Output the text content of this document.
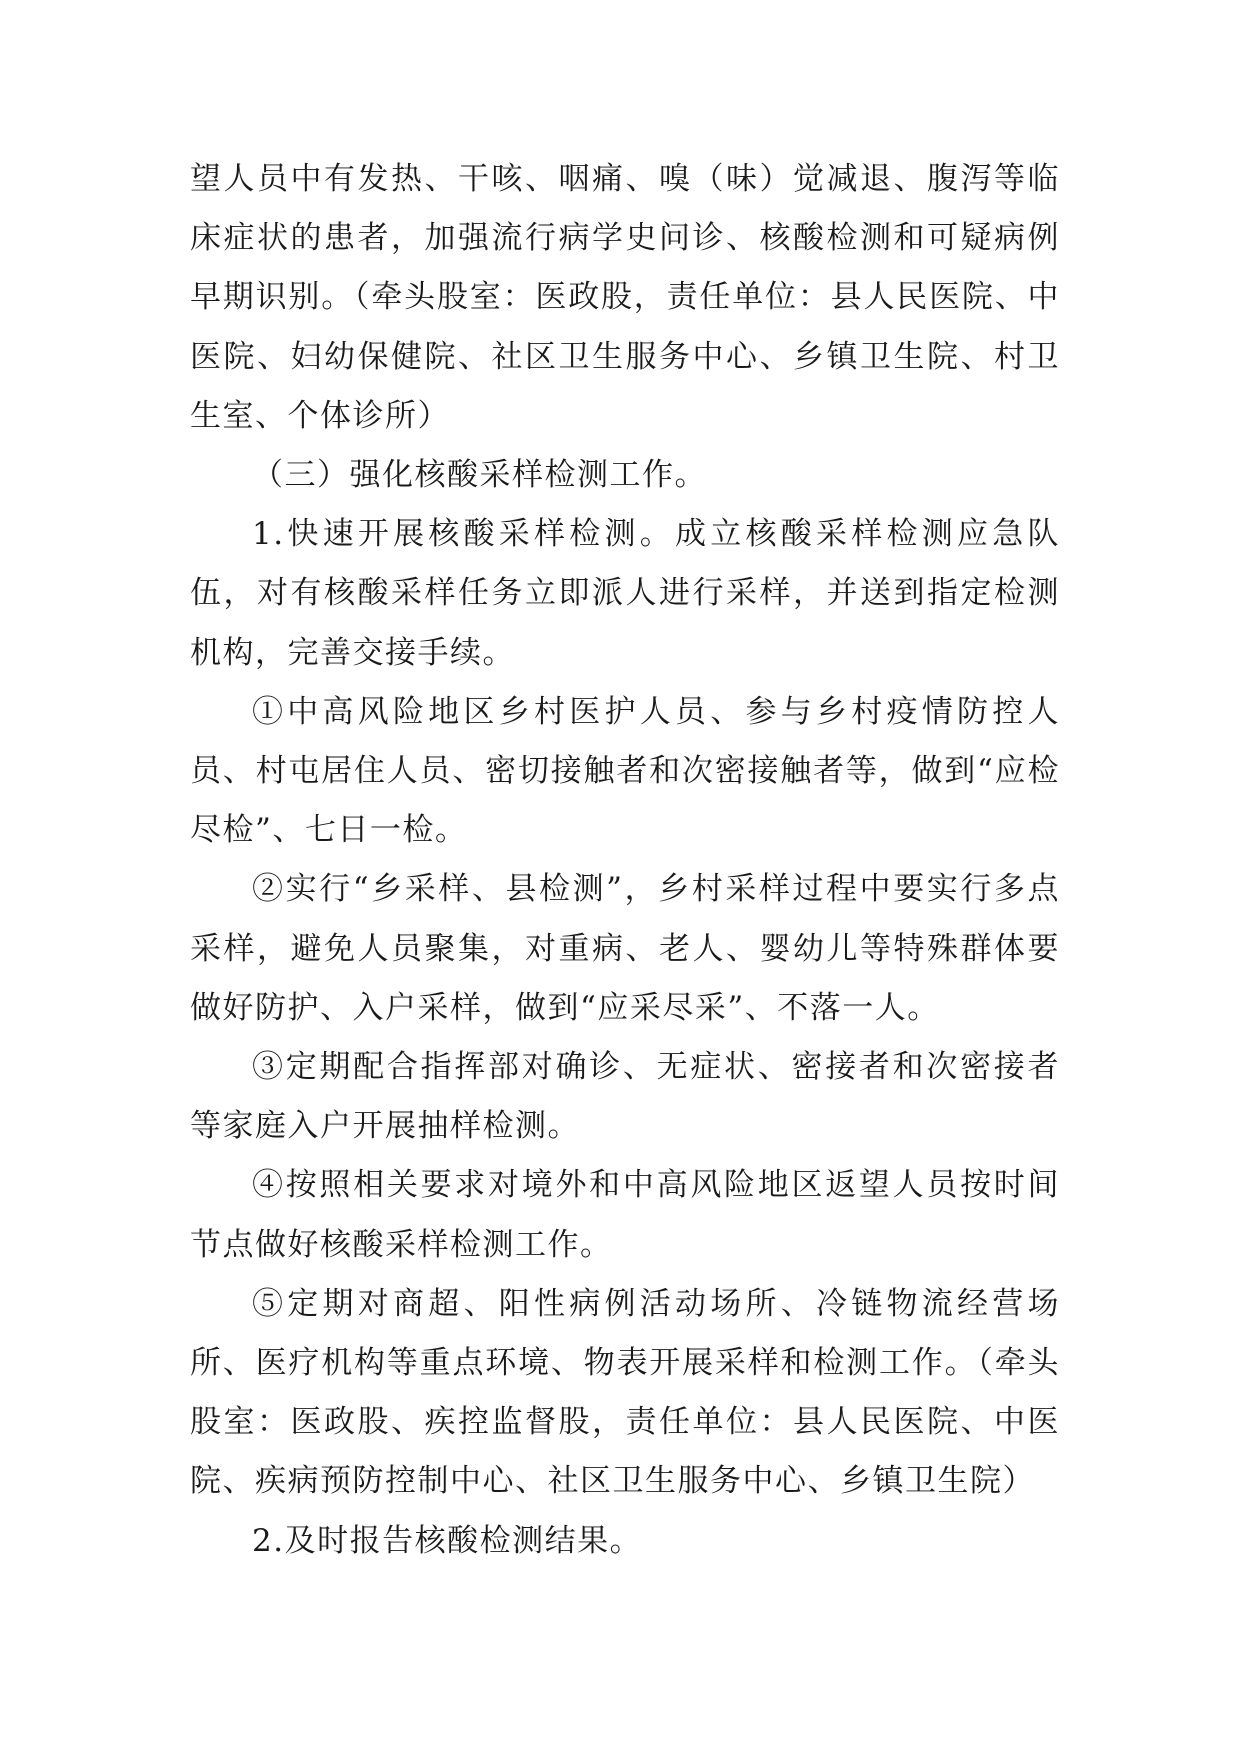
望人员中有发热、干咳、咽痛、嗅（味）觉减退、腹泻等临床症状的患者，加强流行病学史问诊、核酸检测和可疑病例早期识别。（牵头股室：医政股，责任单位：县人民医院、中医院、妇幼保健院、社区卫生服务中心、乡镇卫生院、村卫生室、个体诊所）

（三）强化核酸采样检测工作。

1.快速开展核酸采样检测。成立核酸采样检测应急队伍，对有核酸采样任务立即派人进行采样，并送到指定检测机构，完善交接手续。

①中高风险地区乡村医护人员、参与乡村疫情防控人员、村屯居住人员、密切接触者和次密接触者等，做到“应检尽检”、七日一检。

②实行“乡采样、县检测”，乡村采样过程中要实行多点采样，避免人员聚集，对重病、老人、婴幼儿等特殊群体要做好防护、入户采样，做到“应采尽采”、不落一人。

③定期配合指挥部对确诊、无症状、密接者和次密接者等家庭入户开展抽样检测。

④按照相关要求对境外和中高风险地区返望人员按时间节点做好核酸采样检测工作。

⑤定期对商超、阳性病例活动场所、冷链物流经营场所、医疗机构等重点环境、物表开展采样和检测工作。（牵头股室：医政股、疾控监督股，责任单位：县人民医院、中医院、疾病预防控制中心、社区卫生服务中心、乡镇卫生院）

2.及时报告核酸检测结果。
